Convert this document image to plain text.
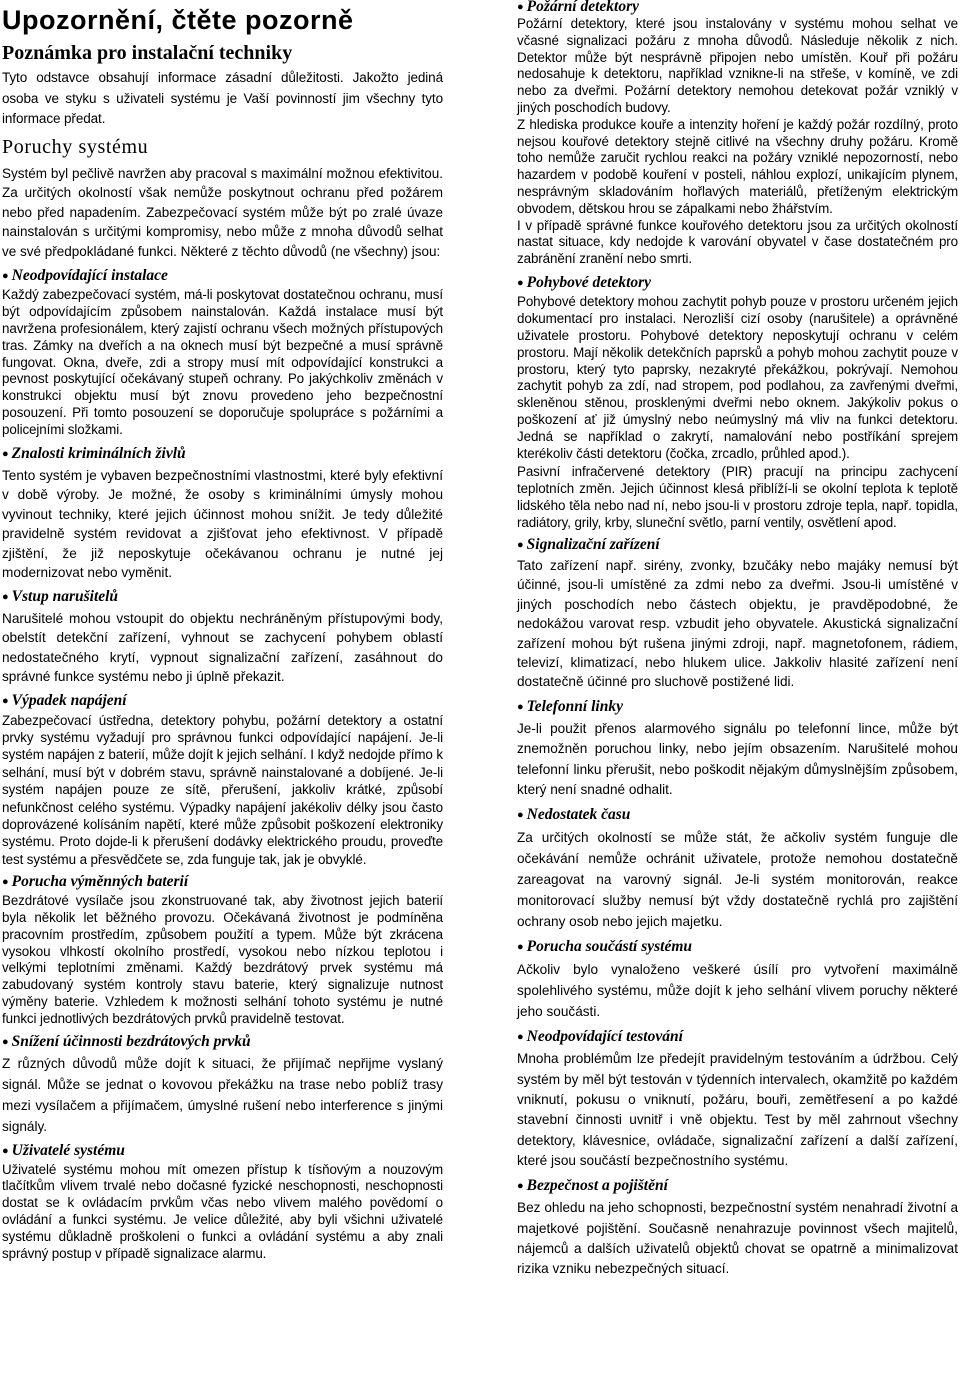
Upozornění, čtěte pozorně
Poznámka pro instalační techniky

Tyto odstavce obsahují informace zásadní důležitosti. Jakožto jediná osoba ve styku s uživateli systému je Vaší povinností jim všechny tyto informace předat.

Poruchy systému

Systém byl pečlivě navržen aby pracoval s maximální možnou efektivitou. Za určitých okolností však nemůže poskytnout ochranu před požárem nebo před napadením. Zabezpečovací systém může být po zralé úvaze nainstalován s určitými kompromisy, nebo může z mnoha důvodů selhat ve své předpokládané funkci. Některé z těchto důvodů (ne všechny) jsou:

● Neodpovídající instalace

Každý zabezpečovací systém, má-li poskytovat dostatečnou ochranu, musí být odpovídajícím způsobem nainstalován. Každá instalace musí být navržena profesionálem, který zajistí ochranu všech možných přístupových tras. Zámky na dveřích a na oknech musí být bezpečné a musí správně fungovat. Okna, dveře, zdi a stropy musí mít odpovídající konstrukci a pevnost poskytující očekávaný stupeň ochrany. Po jakýchkoliv změnách v konstrukci objektu musí být znovu provedeno jeho bezpečnostní posouzení. Při tomto posouzení se doporučuje spolupráce s požárními a policejními složkami.

● Znalosti kriminálních živlů

Tento systém je vybaven bezpečnostními vlastnostmi, které byly efektivní v době výroby. Je možné, že osoby s kriminálními úmysly mohou vyvinout techniky, které jejich účinnost mohou snížit. Je tedy důležité pravidelně systém revidovat a zjišťovat jeho efektivnost. V případě zjištění, že již neposkytuje očekávanou ochranu je nutné jej modernizovat nebo vyměnit.

● Vstup narušitelů

Narušitelé mohou vstoupit do objektu nechráněným přístupovými body, obelstít detekční zařízení, vyhnout se zachycení pohybem oblastí nedostatečného krytí, vypnout signalizační zařízení, zasáhnout do správné funkce systému nebo ji úplně překazit.

● Výpadek napájení

Zabezpečovací ústředna, detektory pohybu, požární detektory a ostatní prvky systému vyžadují pro správnou funkci odpovídající napájení. Je-li systém napájen z baterií, může dojít k jejich selhání. I když nedojde přímo k selhání, musí být v dobrém stavu, správně nainstalované a dobíjené. Je-li systém napájen pouze ze sítě, přerušení, jakkoliv krátké, způsobí nefunkčnost celého systému. Výpadky napájení jakékoliv délky jsou často doprovázené kolísáním napětí, které může způsobit poškození elektroniky systému. Proto dojde-li k přerušení dodávky elektrického proudu, proveďte test systému a přesvědčete se, zda funguje tak, jak je obvyklé.

● Porucha výměnných baterií

Bezdrátové vysílače jsou zkonstruované tak, aby životnost jejich baterií byla několik let běžného provozu. Očekávaná životnost je podmíněna pracovním prostředím, způsobem použití a typem. Může být zkrácena vysokou vlhkostí okolního prostředí, vysokou nebo nízkou teplotou i velkými teplotními změnami. Každý bezdrátový prvek systému má zabudovaný systém kontroly stavu baterie, který signalizuje nutnost výměny baterie. Vzhledem k možnosti selhání tohoto systému je nutné funkci jednotlivých bezdrátových prvků pravidelně testovat.

● Snížení účinnosti bezdrátových prvků

Z různých důvodů může dojít k situaci, že přijímač nepřijme vyslaný signál. Může se jednat o kovovou překážku na trase nebo poblíž trasy mezi vysílačem a přijímačem, úmyslné rušení nebo interference s jinými signály.

● Uživatelé systému

Uživatelé systému mohou mít omezen přístup k tísňovým a nouzovým tlačítkům vlivem trvalé nebo dočasné fyzické neschopnosti, neschopnosti dostat se k ovládacím prvkům včas nebo vlivem malého povědomí o ovládání a funkci systému. Je velice důležité, aby byli všichni uživatelé systému důkladně proškoleni o funkci a ovládání systému a aby znali správný postup v případě signalizace alarmu.

● Požární detektory

Požární detektory, které jsou instalovány v systému mohou selhat ve včasné signalizaci požáru z mnoha důvodů. Následuje několik z nich. Detektor může být nesprávně připojen nebo umístěn. Kouř při požáru nedosahuje k detektoru, například vznikne-li na střeše, v komíně, ve zdi nebo za dveřmi. Požární detektory nemohou detekovat požár vzniklý v jiných poschodích budovy.

Z hlediska produkce kouře a intenzity hoření je každý požár rozdílný, proto nejsou kouřové detektory stejně citlivé na všechny druhy požáru. Kromě toho nemůže zaručit rychlou reakci na požáry vzniklé nepozorností, nebo hazardem v podobě kouření v posteli, náhlou explozí, unikajícím plynem, nesprávným skladováním hořlavých materiálů, přetíženým elektrickým obvodem, dětskou hrou se zápalkami nebo žhářstvím.

I v případě správné funkce kouřového detektoru jsou za určitých okolností nastat situace, kdy nedojde k varování obyvatel v čase dostatečném pro zabránění zranění nebo smrti.

● Pohybové detektory

Pohybové detektory mohou zachytit pohyb pouze v prostoru určeném jejich dokumentací pro instalaci. Nerozliší cizí osoby (narušitele) a oprávněné uživatele prostoru. Pohybové detektory neposkytují ochranu v celém prostoru. Mají několik detekčních paprsků a pohyb mohou zachytit pouze v prostoru, který tyto paprsky, nezakryté překážkou, pokrývají. Nemohou zachytit pohyb za zdí, nad stropem, pod podlahou, za zavřenými dveřmi, skleněnou stěnou, prosklenými dveřmi nebo oknem. Jakýkoliv pokus o poškození ať již úmyslný nebo neúmyslný má vliv na funkci detektoru. Jedná se například o zakrytí, namalování nebo postříkání sprejem kterékoliv části detektoru (čočka, zrcadlo, průhled apod.).

Pasivní infračervené detektory (PIR) pracují na principu zachycení teplotních změn. Jejich účinnost klesá přiblíží-li se okolní teplota k teplotě lidského těla nebo nad ní, nebo jsou-li v prostoru zdroje tepla, např. topidla, radiátory, grily, krby, sluneční světlo, parní ventily, osvětlení apod.

● Signalizační zařízení

Tato zařízení např. sirény, zvonky, bzučáky nebo majáky nemusí být účinné, jsou-li umístěné za zdmi nebo za dveřmi. Jsou-li umístěné v jiných poschodích nebo částech objektu, je pravděpodobné, že nedokážou varovat resp. vzbudit jeho obyvatele. Akustická signalizační zařízení mohou být rušena jinými zdroji, např. magnetofonem, rádiem, televizí, klimatizací, nebo hlukem ulice. Jakkoliv hlasité zařízení není dostatečně účinné pro sluchově postižené lidi.

● Telefonní linky

Je-li použit přenos alarmového signálu po telefonní lince, může být znemožněn poruchou linky, nebo jejím obsazením. Narušitelé mohou telefonní linku přerušit, nebo poškodit nějakým důmyslnějším způsobem, který není snadné odhalit.

● Nedostatek času

Za určitých okolností se může stát, že ačkoliv systém funguje dle očekávání nemůže ochránit uživatele, protože nemohou dostatečně zareagovat na varovný signál. Je-li systém monitorován, reakce monitorovací služby nemusí být vždy dostatečně rychlá pro zajištění ochrany osob nebo jejich majetku.

● Porucha součástí systému

Ačkoliv bylo vynaloženo veškeré úsílí pro vytvoření maximálně spolehlivého systému, může dojít k jeho selhání vlivem poruchy některé jeho součásti.

● Neodpovídající testování

Mnoha problémům lze předejít pravidelným testováním a údržbou. Celý systém by měl být testován v týdenních intervalech, okamžitě po každém vniknutí, pokusu o vniknutí, požáru, bouři, zemětřesení a po každé stavební činnosti uvnitř i vně objektu. Test by měl zahrnout všechny detektory, klávesnice, ovládače, signalizační zařízení a další zařízení, které jsou součástí bezpečnostního systému.

● Bezpečnost a pojištění

Bez ohledu na jeho schopnosti, bezpečnostní systém nenahradí životní a majetkové pojištění. Současně nenahrazuje povinnost všech majitelů, nájemců a dalších uživatelů objektů chovat se opatrně a minimalizovat rizika vzniku nebezpečných situací.
